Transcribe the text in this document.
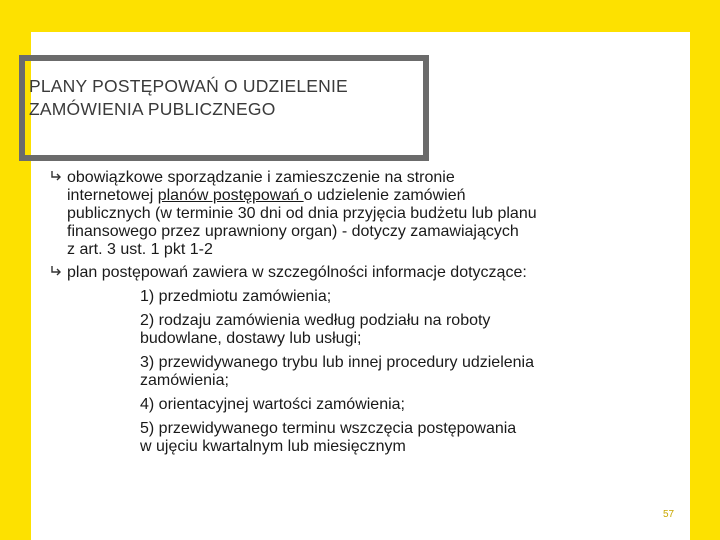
PLANY POSTĘPOWAŃ O UDZIELENIE
ZAMÓWIENIA PUBLICZNEGO
obowiązkowe sporządzanie i zamieszczenie na stronie
internetowej planów postępowań o udzielenie zamówień
publicznych (w terminie 30 dni od dnia przyjęcia budżetu lub planu
finansowego przez uprawniony organ) - dotyczy zamawiających
z art. 3 ust. 1 pkt 1-2
plan postępowań zawiera w szczególności informacje dotyczące:
1) przedmiotu zamówienia;
2) rodzaju zamówienia według podziału na roboty
budowlane, dostawy lub usługi;
3) przewidywanego trybu lub innej procedury udzielenia
zamówienia;
4) orientacyjnej wartości zamówienia;
5) przewidywanego terminu wszczęcia postępowania
w ujęciu kwartalnym lub miesięcznym
57
